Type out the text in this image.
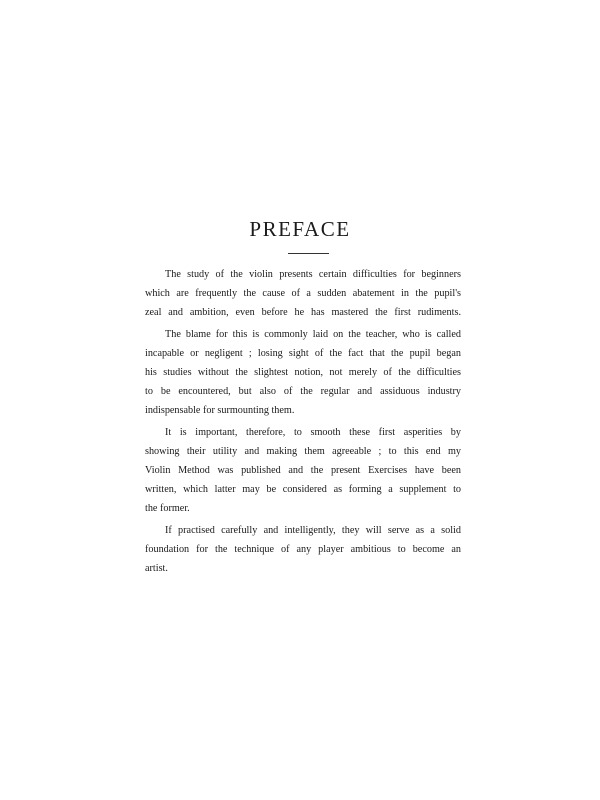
PREFACE

The study of the violin presents certain difficulties for beginners
which are frequently the cause of a sudden abatement in the pupil's
zeal and ambition, even before he has mastered the first rudiments.

The blame for this is commonly laid on the teacher, who is called
incapable or negligent ; losing sight of the fact that the pupil began
his studies without the slightest notion, not merely of the difficulties
to be encountered, but also of the regular and assiduous industry
indispensable for surmounting them.

It is important, therefore, to smooth these first asperities by
showing their utility and making them agreeable ; to this end my
Violin Method was published and the present Exercises have been
written, which latter may be considered as forming a supplement to
the former.

If practised carefully and intelligently, they will serve as a solid
foundation for the technique of any player ambitious to become an
artist.
